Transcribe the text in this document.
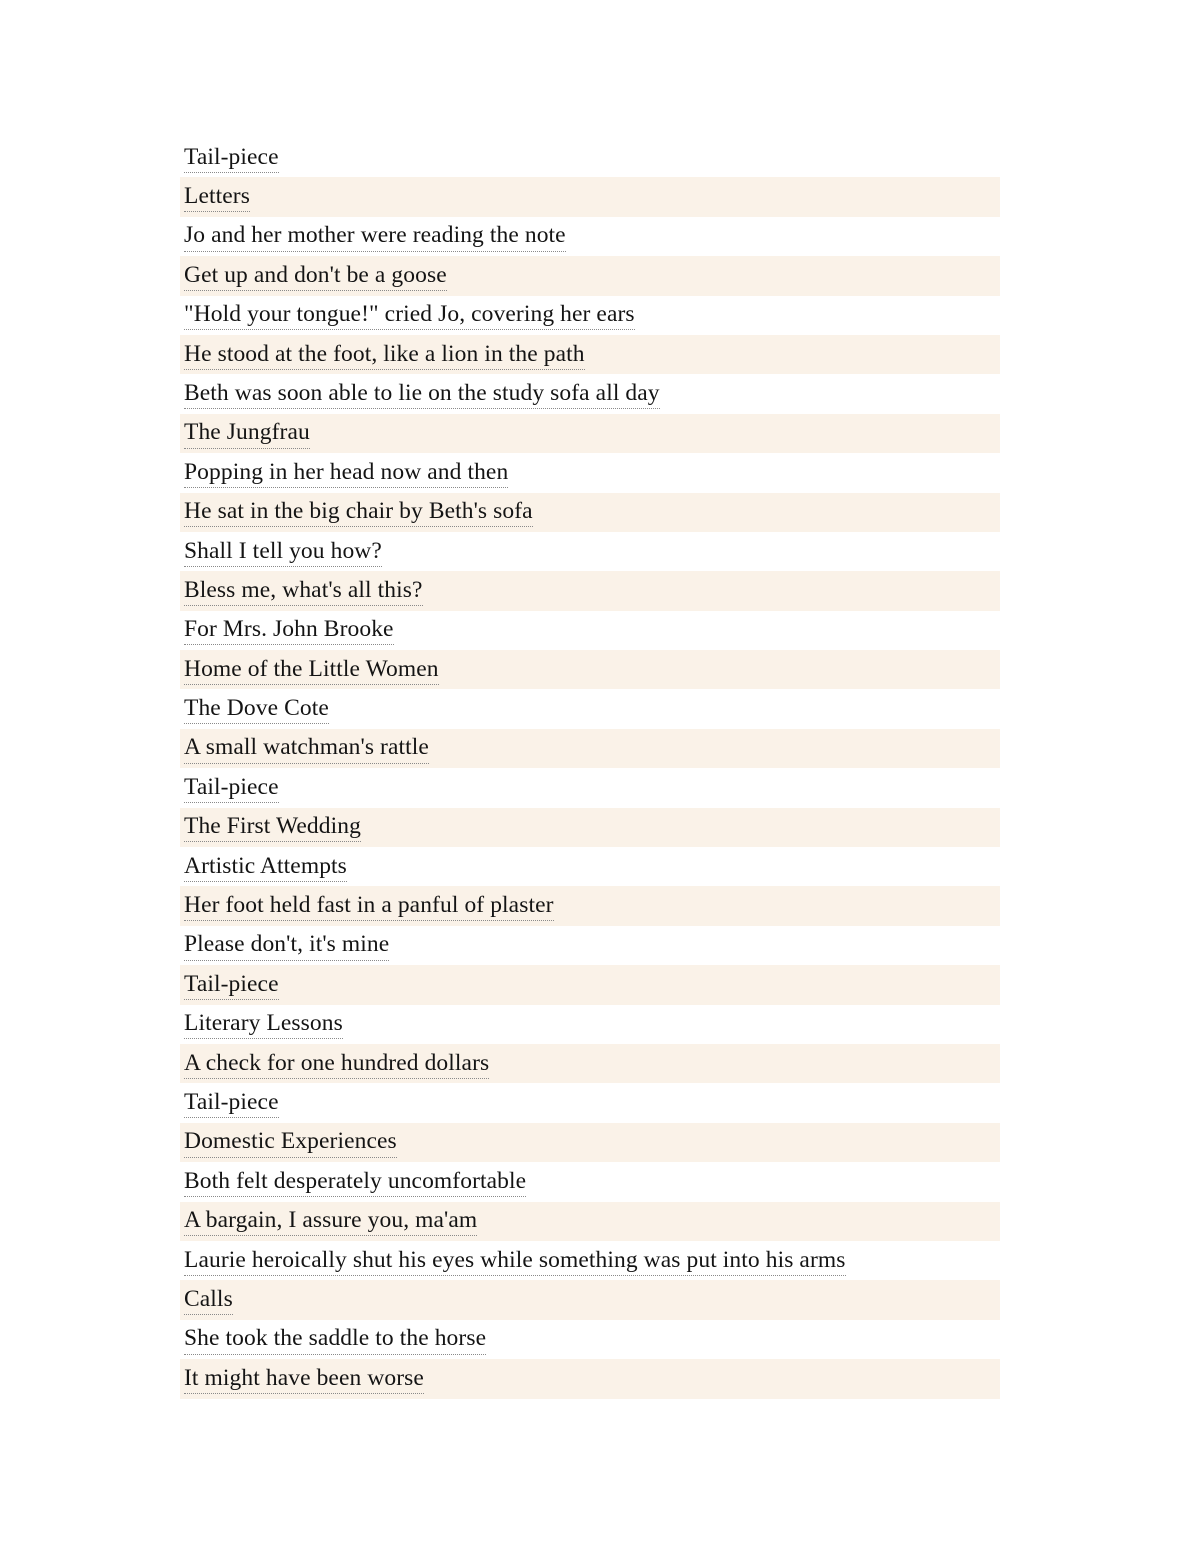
Tail-piece
Letters
Jo and her mother were reading the note
Get up and don't be a goose
"Hold your tongue!" cried Jo, covering her ears
He stood at the foot, like a lion in the path
Beth was soon able to lie on the study sofa all day
The Jungfrau
Popping in her head now and then
He sat in the big chair by Beth's sofa
Shall I tell you how?
Bless me, what's all this?
For Mrs. John Brooke
Home of the Little Women
The Dove Cote
A small watchman's rattle
Tail-piece
The First Wedding
Artistic Attempts
Her foot held fast in a panful of plaster
Please don't, it's mine
Tail-piece
Literary Lessons
A check for one hundred dollars
Tail-piece
Domestic Experiences
Both felt desperately uncomfortable
A bargain, I assure you, ma'am
Laurie heroically shut his eyes while something was put into his arms
Calls
She took the saddle to the horse
It might have been worse
